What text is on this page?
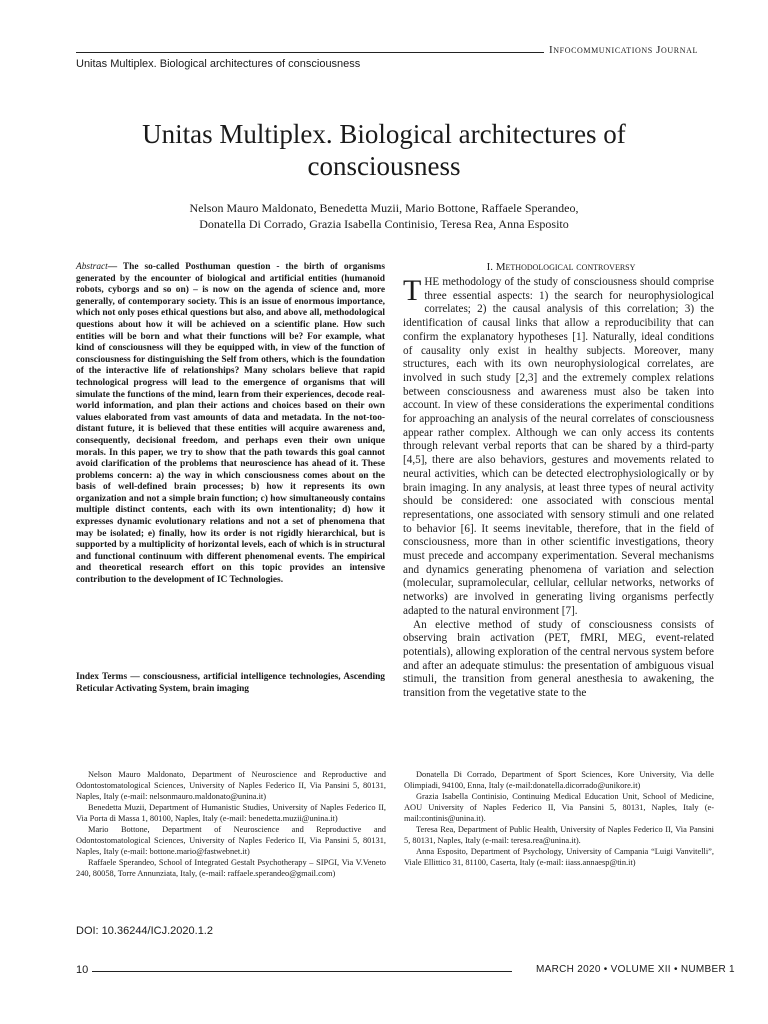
Infocommunications Journal
Unitas Multiplex. Biological architectures of consciousness
Unitas Multiplex. Biological architectures of consciousness
Nelson Mauro Maldonato, Benedetta Muzii, Mario Bottone, Raffaele Sperandeo,
Donatella Di Corrado, Grazia Isabella Continisio, Teresa Rea, Anna Esposito
Abstract— The so-called Posthuman question - the birth of organisms generated by the encounter of biological and artificial entities (humanoid robots, cyborgs and so on) – is now on the agenda of science and, more generally, of contemporary society. This is an issue of enormous importance, which not only poses ethical questions but also, and above all, methodological questions about how it will be achieved on a scientific plane. How such entities will be born and what their functions will be? For example, what kind of consciousness will they be equipped with, in view of the function of consciousness for distinguishing the Self from others, which is the foundation of the interactive life of relationships? Many scholars believe that rapid technological progress will lead to the emergence of organisms that will simulate the functions of the mind, learn from their experiences, decode real-world information, and plan their actions and choices based on their own values elaborated from vast amounts of data and metadata. In the not-too-distant future, it is believed that these entities will acquire awareness and, consequently, decisional freedom, and perhaps even their own unique morals. In this paper, we try to show that the path towards this goal cannot avoid clarification of the problems that neuroscience has ahead of it. These problems concern: a) the way in which consciousness comes about on the basis of well-defined brain processes; b) how it represents its own organization and not a simple brain function; c) how simultaneously contains multiple distinct contents, each with its own intentionality; d) how it expresses dynamic evolutionary relations and not a set of phenomena that may be isolated; e) finally, how its order is not rigidly hierarchical, but is supported by a multiplicity of horizontal levels, each of which is in structural and functional continuum with different phenomenal events. The empirical and theoretical research effort on this topic provides an intensive contribution to the development of IC Technologies.
Index Terms — consciousness, artificial intelligence technologies, Ascending Reticular Activating System, brain imaging
I. Methodological controversy

THE methodology of the study of consciousness should comprise three essential aspects: 1) the search for neurophysiological correlates; 2) the causal analysis of this correlation; 3) the identification of causal links that allow a reproducibility that can confirm the explanatory hypotheses [1]. Naturally, ideal conditions of causality only exist in healthy subjects. Moreover, many structures, each with its own neurophysiological correlates, are involved in such study [2,3] and the extremely complex relations between consciousness and awareness must also be taken into account. In view of these considerations the experimental conditions for approaching an analysis of the neural correlates of consciousness appear rather complex. Although we can only access its contents through relevant verbal reports that can be shared by a third-party [4,5], there are also behaviors, gestures and movements related to neural activities, which can be detected electrophysiologically or by brain imaging. In any analysis, at least three types of neural activity should be considered: one associated with conscious mental representations, one associated with sensory stimuli and one related to behavior [6]. It seems inevitable, therefore, that in the field of consciousness, more than in other scientific investigations, theory must precede and accompany experimentation. Several mechanisms and dynamics generating phenomena of variation and selection (molecular, supramolecular, cellular, cellular networks, networks of networks) are involved in generating living organisms perfectly adapted to the natural environment [7].

An elective method of study of consciousness consists of observing brain activation (PET, fMRI, MEG, event-related potentials), allowing exploration of the central nervous system before and after an adequate stimulus: the presentation of ambiguous visual stimuli, the transition from general anesthesia to awakening, the transition from the vegetative state to the

Nelson Mauro Maldonato, Department of Neuroscience and Reproductive and Odontostomatological Sciences, University of Naples Federico II, Via Pansini 5, 80131, Naples, Italy (e-mail: nelsonmauro.maldonato@unina.it)

Benedetta Muzii, Department of Humanistic Studies, University of Naples Federico II, Via Porta di Massa 1, 80100, Naples, Italy (e-mail: benedetta.muzii@unina.it)

Mario Bottone, Department of Neuroscience and Reproductive and Odontostomatological Sciences, University of Naples Federico II, Via Pansini 5, 80131, Naples, Italy (e-mail: bottone.mario@fastwebnet.it)

Raffaele Sperandeo, School of Integrated Gestalt Psychotherapy – SIPGI, Via V.Veneto 240, 80058, Torre Annunziata, Italy, (e-mail: raffaele.sperandeo@gmail.com)

Donatella Di Corrado, Department of Sport Sciences, Kore University, Via delle Olimpiadi, 94100, Enna, Italy (e-mail:donatella.dicorrado@unikore.it)

Grazia Isabella Continisio, Continuing Medical Education Unit, School of Medicine, AOU University of Naples Federico II, Via Pansini 5, 80131, Naples, Italy (e-mail:continis@unina.it).

Teresa Rea, Department of Public Health, University of Naples Federico II, Via Pansini 5, 80131, Naples, Italy (e-mail: teresa.rea@unina.it).

Anna Esposito, Department of Psychology, University of Campania “Luigi Vanvitelli”, Viale Ellittico 31, 81100, Caserta, Italy (e-mail: iiass.annaesp@tin.it)

DOI: 10.36244/ICJ.2020.1.2
10	MARCH 2020 • VOLUME XII • NUMBER 1
